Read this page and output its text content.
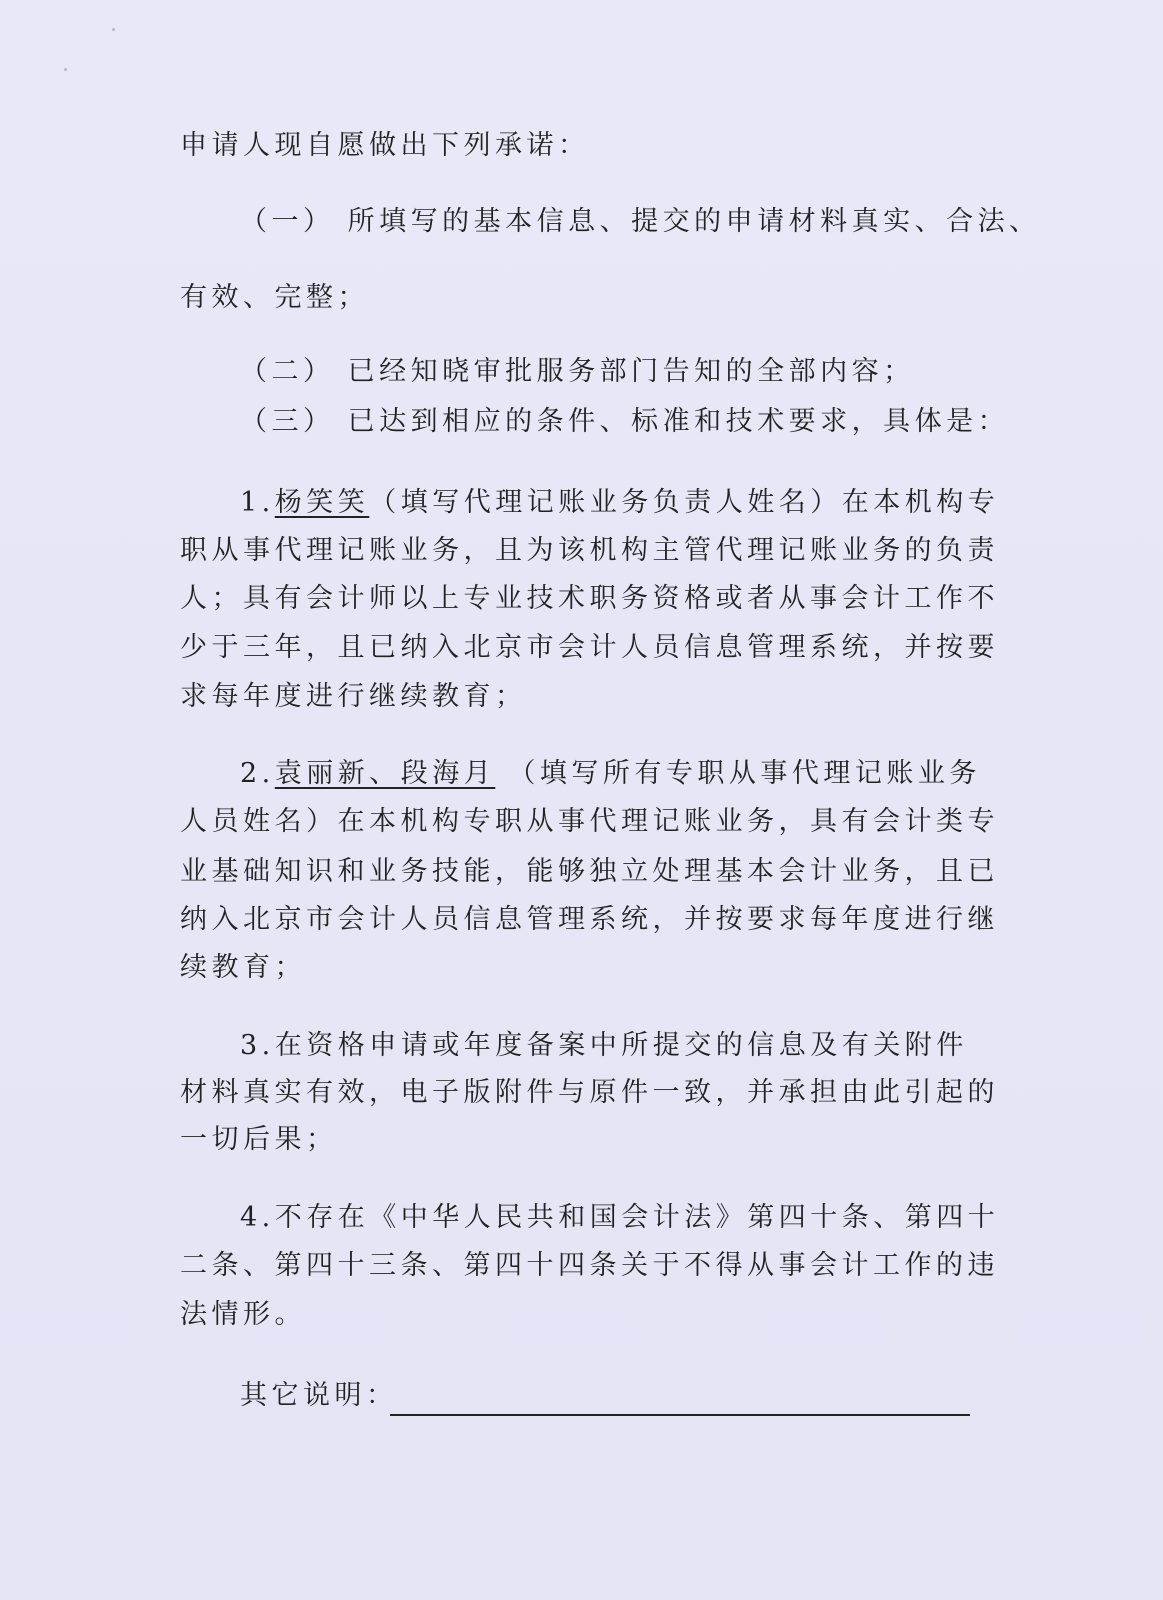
申请人现自愿做出下列承诺：
（一） 所填写的基本信息、提交的申请材料真实、合法、
有效、完整；
（二） 已经知晓审批服务部门告知的全部内容；
（三） 已达到相应的条件、标准和技术要求，具体是：
1.杨笑笑（填写代理记账业务负责人姓名）在本机构专
职从事代理记账业务，且为该机构主管代理记账业务的负责
人；具有会计师以上专业技术职务资格或者从事会计工作不
少于三年，且已纳入北京市会计人员信息管理系统，并按要
求每年度进行继续教育；
2.袁丽新、段海月 （填写所有专职从事代理记账业务
人员姓名）在本机构专职从事代理记账业务，具有会计类专
业基础知识和业务技能，能够独立处理基本会计业务，且已
纳入北京市会计人员信息管理系统，并按要求每年度进行继
续教育；
3.在资格申请或年度备案中所提交的信息及有关附件
材料真实有效，电子版附件与原件一致，并承担由此引起的
一切后果；
4.不存在《中华人民共和国会计法》第四十条、第四十
二条、第四十三条、第四十四条关于不得从事会计工作的违
法情形。
其它说明：
